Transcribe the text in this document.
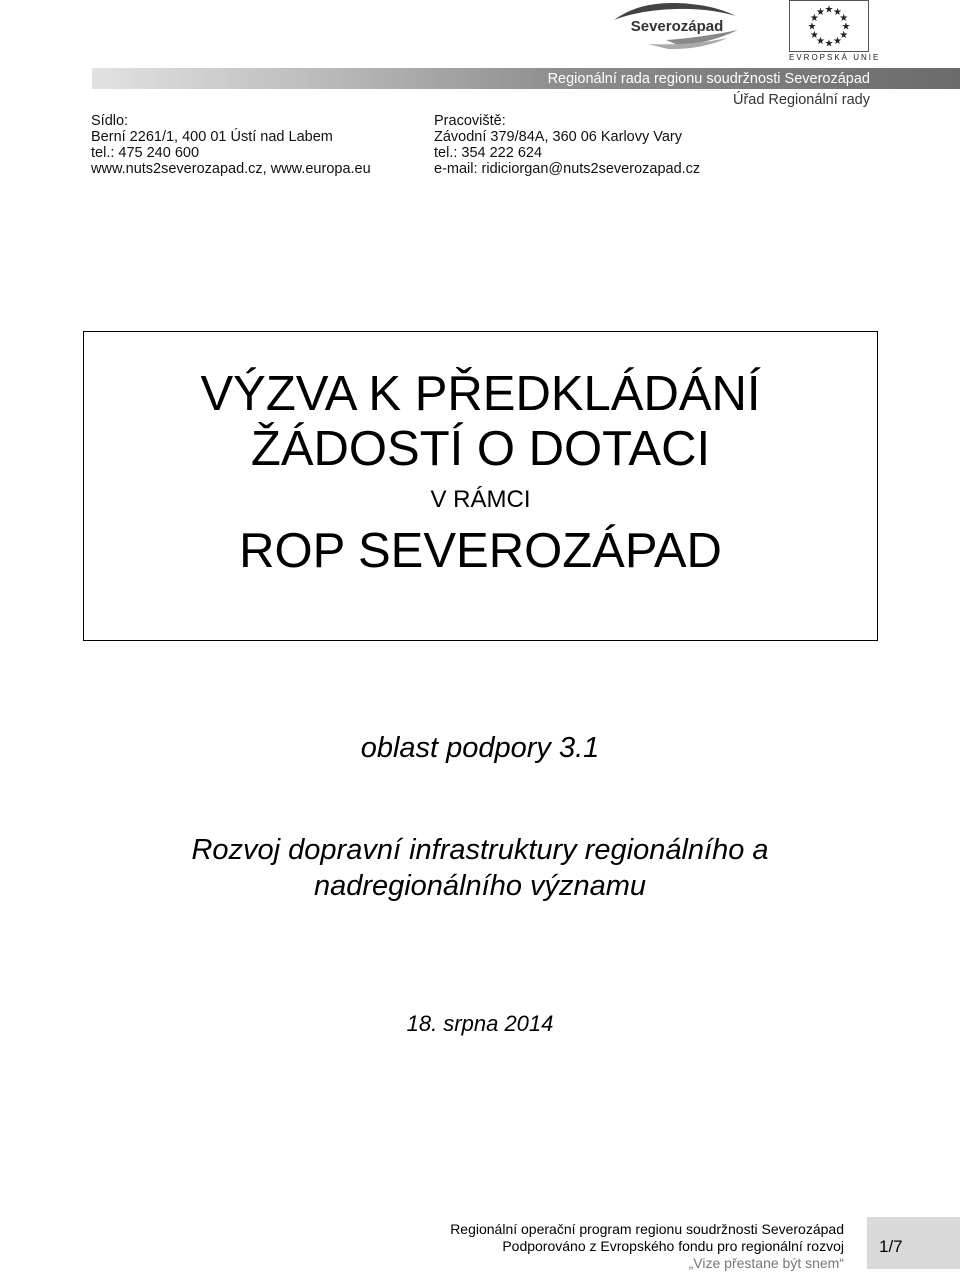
Severozápad
★ ★
★
★
★
★
★
★
★
★
★
★
EVROPSKÁ UNIE
Regionální rada regionu soudržnosti Severozápad
Úřad Regionální rady
Sídlo:
Berní 2261/1, 400 01 Ústí nad Labem
tel.: 475 240 600
www.nuts2severozapad.cz, www.europa.eu
Pracoviště:
Závodní 379/84A, 360 06 Karlovy Vary
tel.: 354 222 624
e-mail: ridiciorgan@nuts2severozapad.cz
VÝZVA K PŘEDKLÁDÁNÍ
ŽÁDOSTÍ O DOTACI
V RÁMCI
ROP SEVEROZÁPAD
oblast podpory 3.1
Rozvoj dopravní infrastruktury regionálního a
nadregionálního významu
18. srpna 2014
Regionální operační program regionu soudržnosti Severozápad
Podporováno z Evropského fondu pro regionální rozvoj
„Vize přestane být snem“
1/7
